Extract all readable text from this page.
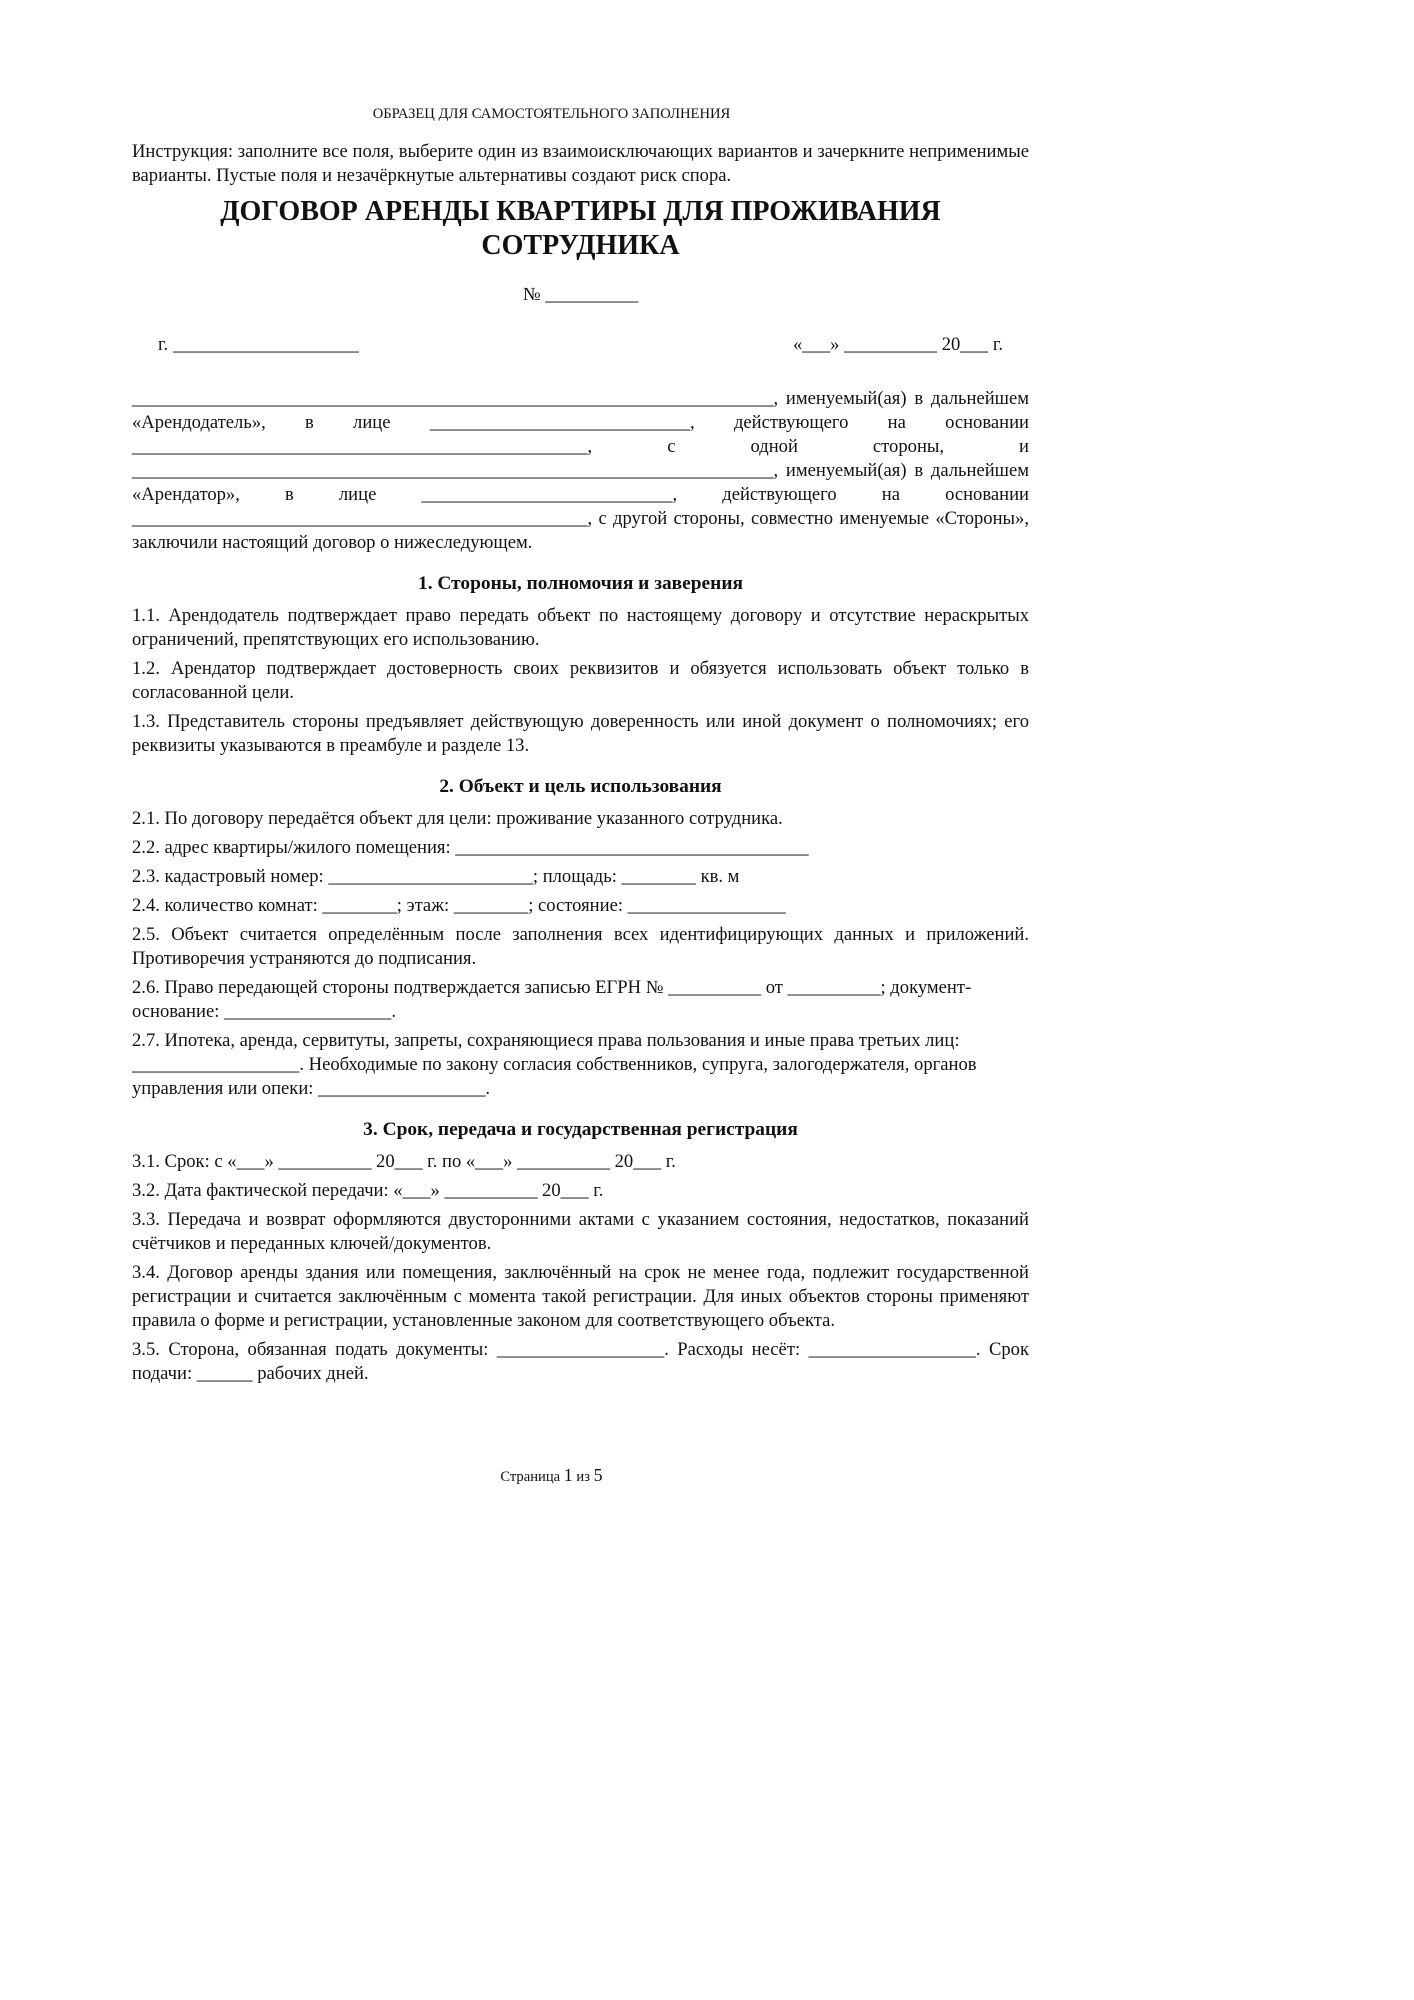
ОБРАЗЕЦ ДЛЯ САМОСТОЯТЕЛЬНОГО ЗАПОЛНЕНИЯ

Инструкция: заполните все поля, выберите один из взаимоисключающих вариантов и зачеркните неприменимые варианты. Пустые поля и незачёркнутые альтернативы создают риск спора.

ДОГОВОР АРЕНДЫ КВАРТИРЫ ДЛЯ ПРОЖИВАНИЯ
СОТРУДНИКА
№ __________
г. ____________________	«___» __________ 20___ г.

_____________________________________________________________________, именуемый(ая) в дальнейшем «Арендодатель», в лице ____________________________, действующего на основании _________________________________________________, с одной стороны, и _____________________________________________________________________, именуемый(ая) в дальнейшем «Арендатор», в лице ___________________________, действующего на основании _________________________________________________, с другой стороны, совместно именуемые «Стороны», заключили настоящий договор о нижеследующем.

1. Стороны, полномочия и заверения

1.1. Арендодатель подтверждает право передать объект по настоящему договору и отсутствие нераскрытых ограничений, препятствующих его использованию.

1.2. Арендатор подтверждает достоверность своих реквизитов и обязуется использовать объект только в согласованной цели.

1.3. Представитель стороны предъявляет действующую доверенность или иной документ о полномочиях; его реквизиты указываются в преамбуле и разделе 13.

2. Объект и цель использования

2.1. По договору передаётся объект для цели: проживание указанного сотрудника.

2.2. адрес квартиры/жилого помещения: ______________________________________

2.3. кадастровый номер: ______________________; площадь: ________ кв. м

2.4. количество комнат: ________; этаж: ________; состояние: _________________

2.5. Объект считается определённым после заполнения всех идентифицирующих данных и приложений. Противоречия устраняются до подписания.

2.6. Право передающей стороны подтверждается записью ЕГРН № __________ от __________; документ-основание: __________________.

2.7. Ипотека, аренда, сервитуты, запреты, сохраняющиеся права пользования и иные права третьих лиц: __________________. Необходимые по закону согласия собственников, супруга, залогодержателя, органов управления или опеки: __________________.

3. Срок, передача и государственная регистрация

3.1. Срок: с «___» __________ 20___ г. по «___» __________ 20___ г.

3.2. Дата фактической передачи: «___» __________ 20___ г.

3.3. Передача и возврат оформляются двусторонними актами с указанием состояния, недостатков, показаний счётчиков и переданных ключей/документов.

3.4. Договор аренды здания или помещения, заключённый на срок не менее года, подлежит государственной регистрации и считается заключённым с момента такой регистрации. Для иных объектов стороны применяют правила о форме и регистрации, установленные законом для соответствующего объекта.

3.5. Сторона, обязанная подать документы: __________________. Расходы несёт: __________________. Срок подачи: ______ рабочих дней.

Страница 1 из 5
